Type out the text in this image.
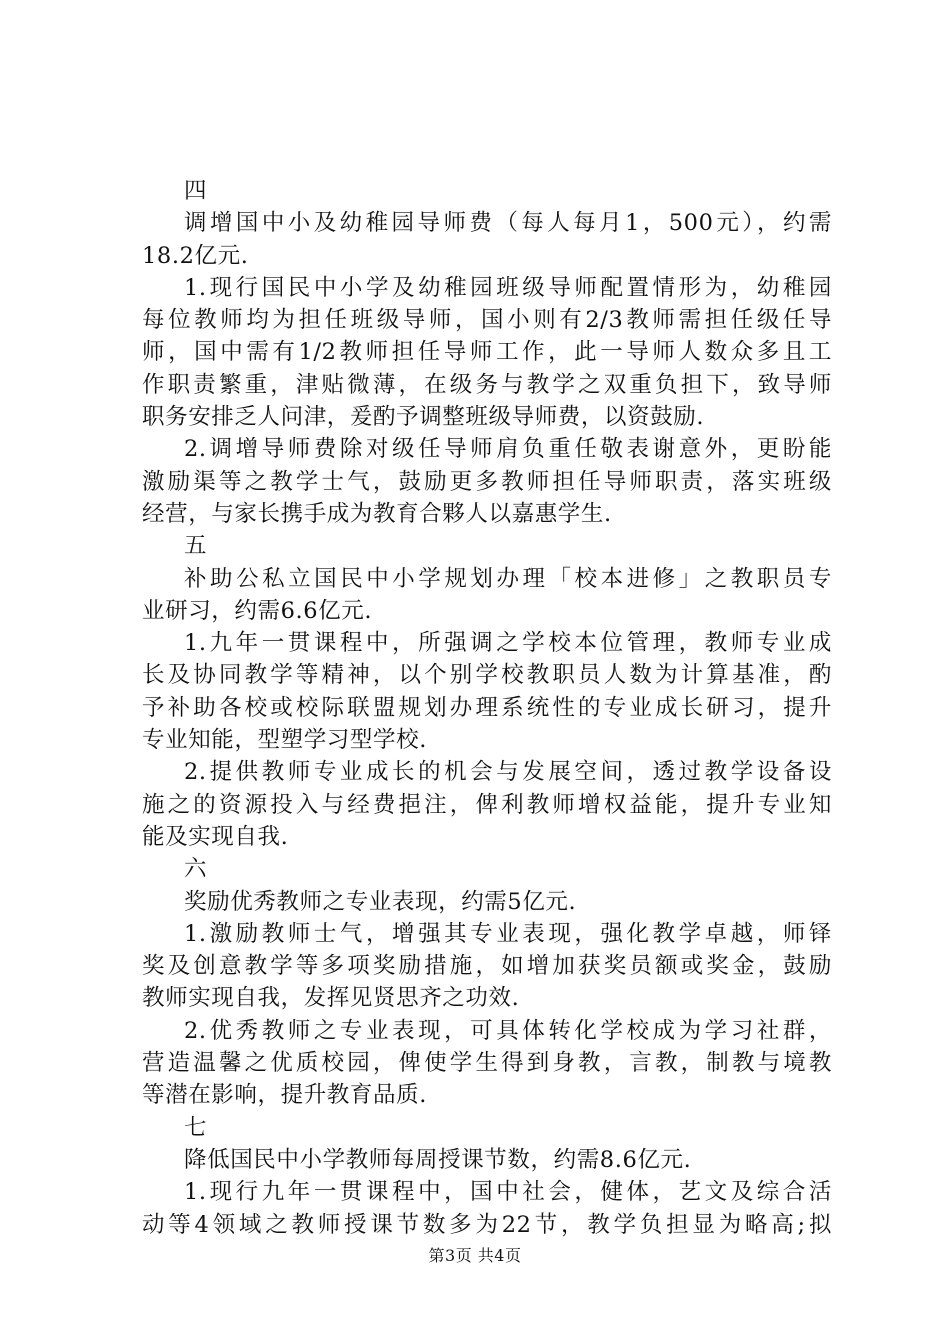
四
调增国中小及幼稚园导师费（每人每月1，500元），约需
18.2亿元.
1.现行国民中小学及幼稚园班级导师配置情形为，幼稚园
每位教师均为担任班级导师，国小则有2/3教师需担任级任导
师，国中需有1/2教师担任导师工作，此一导师人数众多且工
作职责繁重，津贴微薄，在级务与教学之双重负担下，致导师
职务安排乏人问津，爰酌予调整班级导师费，以资鼓励.
2.调增导师费除对级任导师肩负重任敬表谢意外，更盼能
激励渠等之教学士气，鼓励更多教师担任导师职责，落实班级
经营，与家长携手成为教育合夥人以嘉惠学生.
五
补助公私立国民中小学规划办理「校本进修」之教职员专
业研习，约需6.6亿元.
1.九年一贯课程中，所强调之学校本位管理，教师专业成
长及协同教学等精神，以个别学校教职员人数为计算基准，酌
予补助各校或校际联盟规划办理系统性的专业成长研习，提升
专业知能，型塑学习型学校.
2.提供教师专业成长的机会与发展空间，透过教学设备设
施之的资源投入与经费挹注，俾利教师增权益能，提升专业知
能及实现自我.
六
奖励优秀教师之专业表现，约需5亿元.
1.激励教师士气，增强其专业表现，强化教学卓越，师铎
奖及创意教学等多项奖励措施，如增加获奖员额或奖金，鼓励
教师实现自我，发挥见贤思齐之功效.
2.优秀教师之专业表现，可具体转化学校成为学习社群，
营造温馨之优质校园，俾使学生得到身教，言教，制教与境教
等潜在影响，提升教育品质.
七
降低国民中小学教师每周授课节数，约需8.6亿元.
1.现行九年一贯课程中，国中社会，健体，艺文及综合活
动等4领域之教师授课节数多为22节，教学负担显为略高;拟
第3页 共4页
